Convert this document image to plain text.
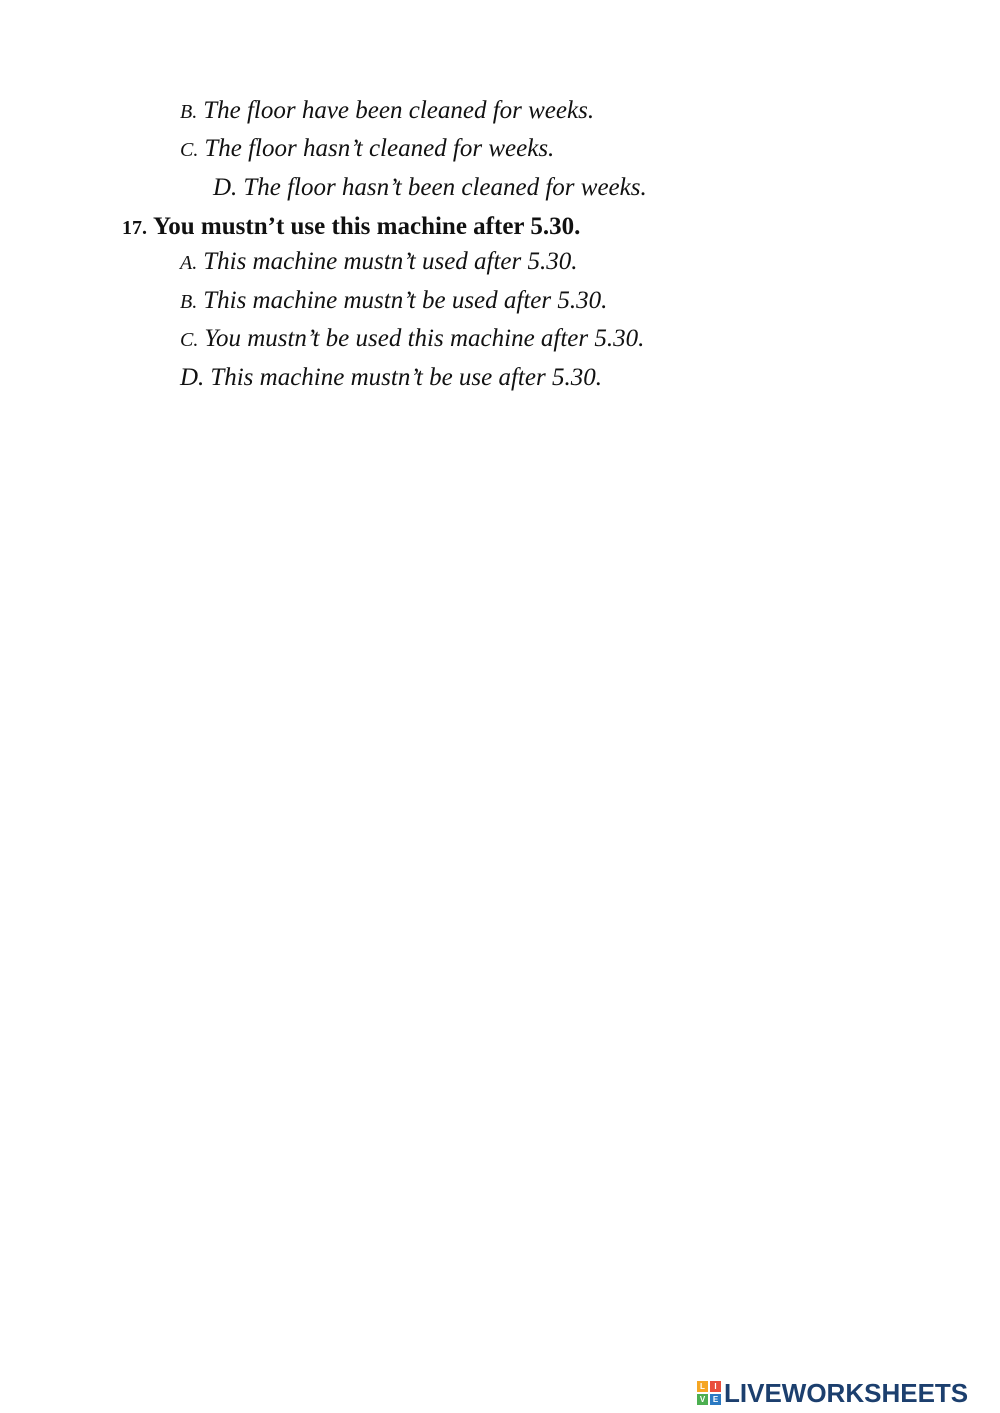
B. The floor have been cleaned for weeks.
C. The floor hasn’t cleaned for weeks.
D. The floor hasn’t been cleaned for weeks.
17. You mustn’t use this machine after 5.30.
A. This machine mustn’t used after 5.30.
B. This machine mustn’t be used after 5.30.
C. You mustn’t be used this machine after 5.30.
D. This machine mustn’t be use after 5.30.
L	I
V E LIVEWORKSHEETS
